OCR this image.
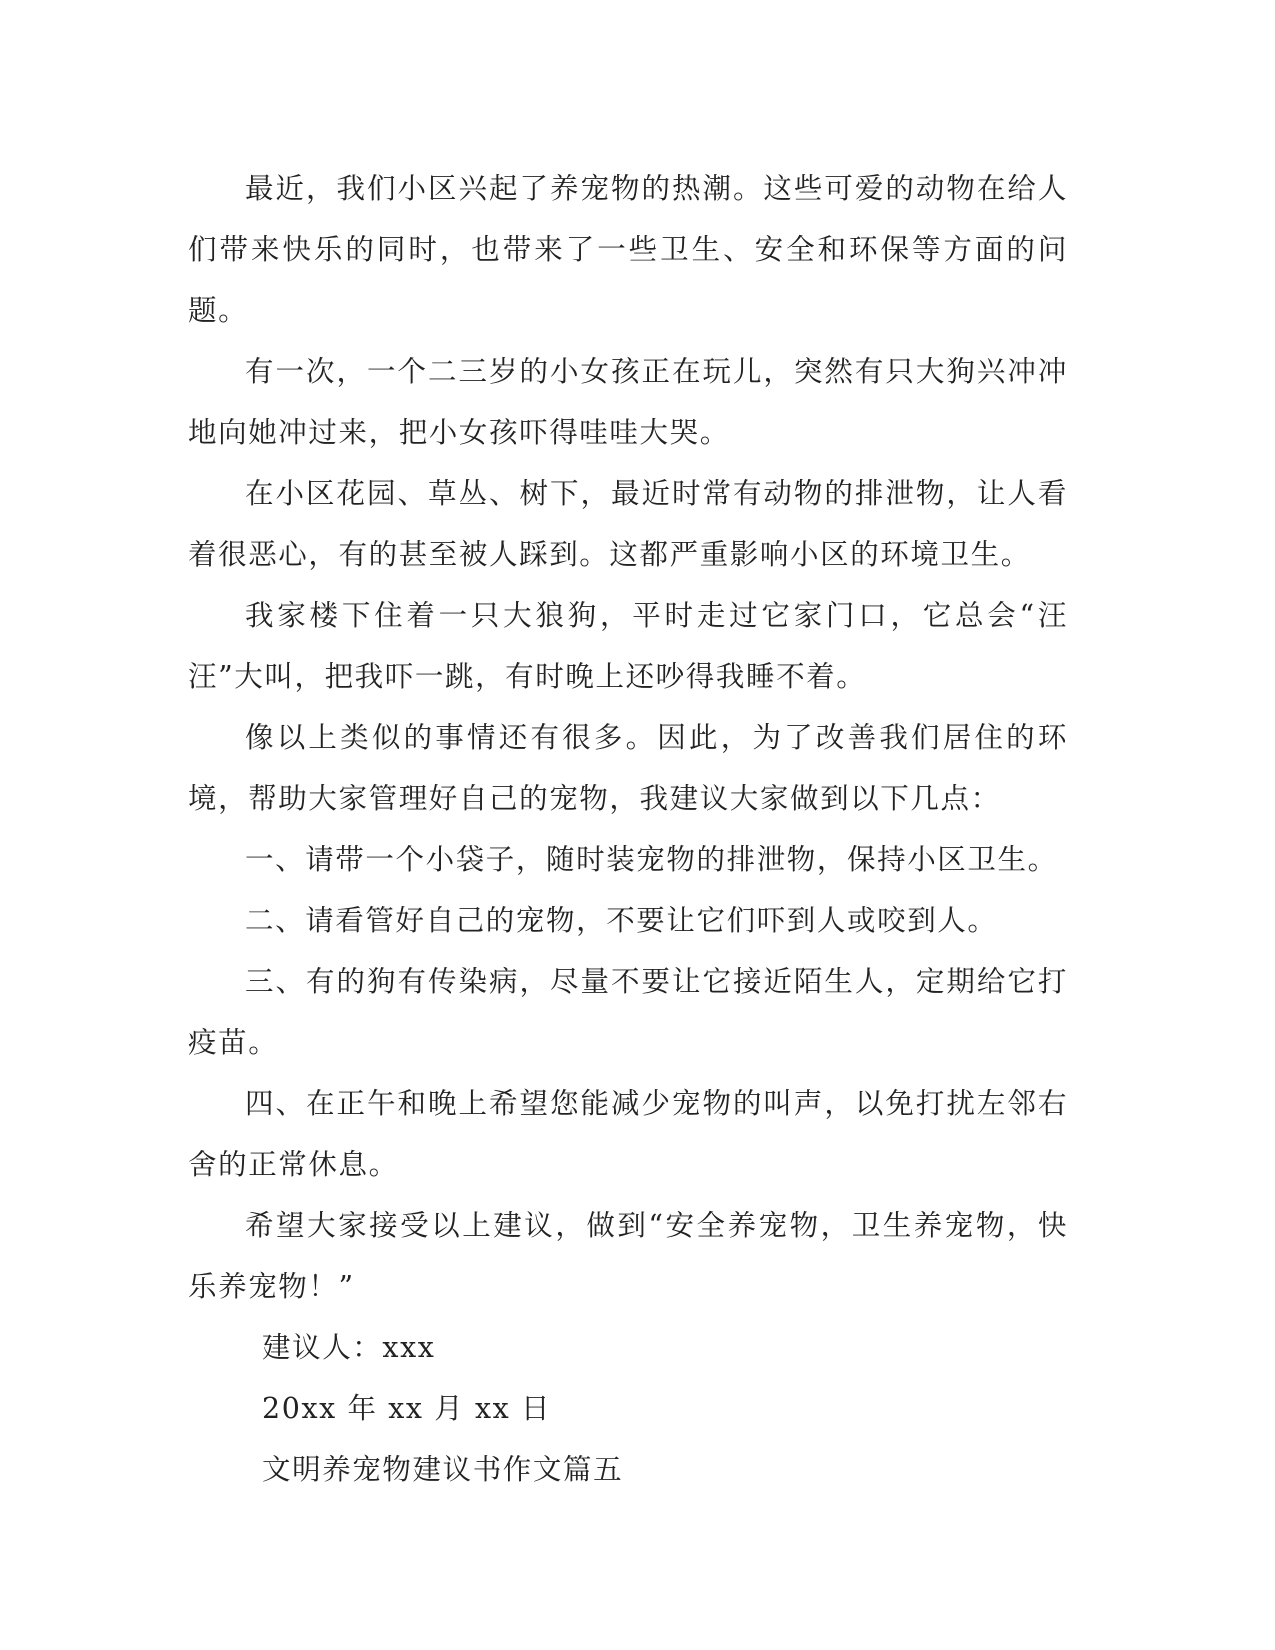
最近，我们小区兴起了养宠物的热潮。这些可爱的动物在给人们带来快乐的同时，也带来了一些卫生、安全和环保等方面的问题。

有一次，一个二三岁的小女孩正在玩儿，突然有只大狗兴冲冲地向她冲过来，把小女孩吓得哇哇大哭。

在小区花园、草丛、树下，最近时常有动物的排泄物，让人看着很恶心，有的甚至被人踩到。这都严重影响小区的环境卫生。

我家楼下住着一只大狼狗，平时走过它家门口，它总会“汪汪”大叫，把我吓一跳，有时晚上还吵得我睡不着。

像以上类似的事情还有很多。因此，为了改善我们居住的环境，帮助大家管理好自己的宠物，我建议大家做到以下几点：

一、请带一个小袋子，随时装宠物的排泄物，保持小区卫生。

二、请看管好自己的宠物，不要让它们吓到人或咬到人。

三、有的狗有传染病，尽量不要让它接近陌生人，定期给它打疫苗。

四、在正午和晚上希望您能减少宠物的叫声，以免打扰左邻右舍的正常休息。

希望大家接受以上建议，做到“安全养宠物，卫生养宠物，快乐养宠物！”

建议人：xxx

20xx 年 xx 月 xx 日

文明养宠物建议书作文篇五
